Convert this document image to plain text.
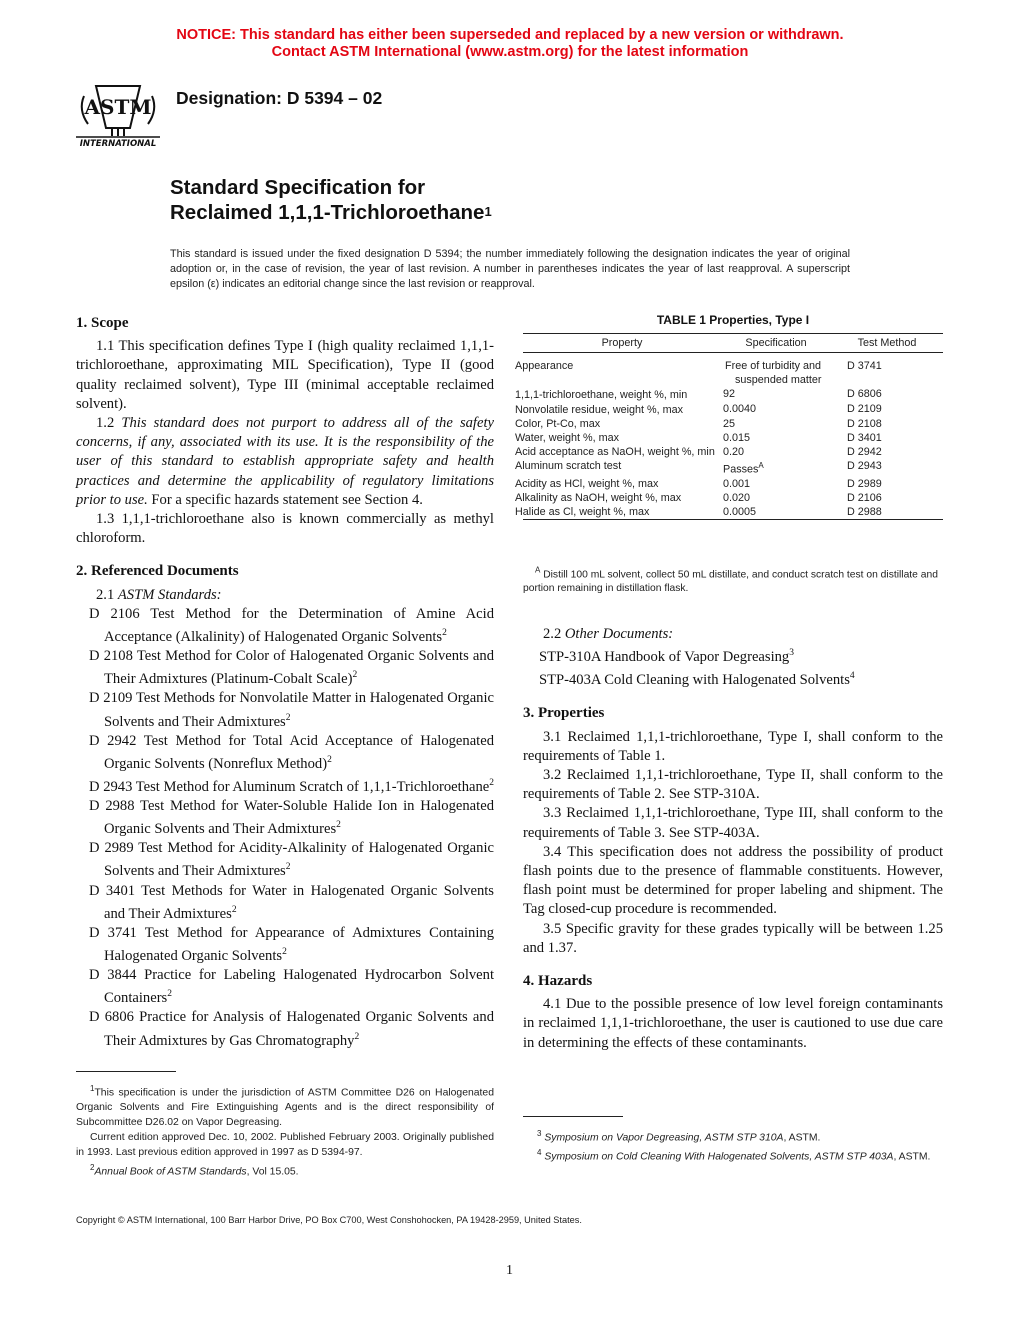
NOTICE: This standard has either been superseded and replaced by a new version or withdrawn.
Contact ASTM International (www.astm.org) for the latest information
ASTM
INTERNATIONAL
Designation: D 5394 – 02
Standard Specification for
Reclaimed 1,1,1-Trichloroethane$^1$
This standard is issued under the fixed designation D 5394; the number immediately following the designation indicates the year of original adoption or, in the case of revision, the year of last revision. A number in parentheses indicates the year of last reapproval. A superscript epsilon (ε) indicates an editorial change since the last revision or reapproval.

1. Scope

1.1 This specification defines Type I (high quality reclaimed 1,1,1-trichloroethane, approximating MIL Specification), Type II (good quality reclaimed solvent), Type III (minimal acceptable reclaimed solvent).

1.2 This standard does not purport to address all of the safety concerns, if any, associated with its use. It is the responsibility of the user of this standard to establish appropriate safety and health practices and determine the applicability of regulatory limitations prior to use. For a specific hazards statement see Section 4.

1.3 1,1,1-trichloroethane also is known commercially as methyl chloroform.

2. Referenced Documents

2.1 ASTM Standards:

D 2106 Test Method for the Determination of Amine Acid Acceptance (Alkalinity) of Halogenated Organic Solvents$^2$

D 2108 Test Method for Color of Halogenated Organic Solvents and Their Admixtures (Platinum-Cobalt Scale)$^2$

D 2109 Test Methods for Nonvolatile Matter in Halogenated Organic Solvents and Their Admixtures$^2$

D 2942 Test Method for Total Acid Acceptance of Halogenated Organic Solvents (Nonreflux Method)$^2$

D 2943 Test Method for Aluminum Scratch of 1,1,1-Trichloroethane$^2$

D 2988 Test Method for Water-Soluble Halide Ion in Halogenated Organic Solvents and Their Admixtures$^2$

D 2989 Test Method for Acidity-Alkalinity of Halogenated Organic Solvents and Their Admixtures$^2$

D 3401 Test Methods for Water in Halogenated Organic Solvents and Their Admixtures$^2$

D 3741 Test Method for Appearance of Admixtures Containing Halogenated Organic Solvents$^2$

D 3844 Practice for Labeling Halogenated Hydrocarbon Solvent Containers$^2$

D 6806 Practice for Analysis of Halogenated Organic Solvents and Their Admixtures by Gas Chromatography$^2$

$^1$This specification is under the jurisdiction of ASTM Committee D26 on Halogenated Organic Solvents and Fire Extinguishing Agents and is the direct responsibility of Subcommittee D26.02 on Vapor Degreasing.

Current edition approved Dec. 10, 2002. Published February 2003. Originally published in 1993. Last previous edition approved in 1997 as D 5394-97.

$^2$Annual Book of ASTM Standards, Vol 15.05.

TABLE 1 Properties, Type I
Property	Specification	Test Method
Appearance	Free of turbidity and suspended matter	D 3741
1,1,1-trichloroethane, weight %, min	92	D 6806
Nonvolatile residue, weight %, max	0.0040	D 2109
Color, Pt-Co, max	25	D 2108
Water, weight %, max	0.015	D 3401
Acid acceptance as NaOH, weight %, min	0.20	D 2942
Aluminum scratch test	Passes$^A$	D 2943
Acidity as HCl, weight %, max	0.001	D 2989
Alkalinity as NaOH, weight %, max	0.020	D 2106
Halide as Cl, weight %, max	0.0005	D 2988
$^A$ Distill 100 mL solvent, collect 50 mL distillate, and conduct scratch test on distillate and portion remaining in distillation flask.

2.2 Other Documents:

STP-310A Handbook of Vapor Degreasing$^3$

STP-403A Cold Cleaning with Halogenated Solvents$^4$

3. Properties

3.1 Reclaimed 1,1,1-trichloroethane, Type I, shall conform to the requirements of Table 1.

3.2 Reclaimed 1,1,1-trichloroethane, Type II, shall conform to the requirements of Table 2. See STP-310A.

3.3 Reclaimed 1,1,1-trichloroethane, Type III, shall conform to the requirements of Table 3. See STP-403A.

3.4 This specification does not address the possibility of product flash points due to the presence of flammable constituents. However, flash point must be determined for proper labeling and shipment. The Tag closed-cup procedure is recommended.

3.5 Specific gravity for these grades typically will be between 1.25 and 1.37.

4. Hazards

4.1 Due to the possible presence of low level foreign contaminants in reclaimed 1,1,1-trichloroethane, the user is cautioned to use due care in determining the effects of these contaminants.

$^3$ Symposium on Vapor Degreasing, ASTM STP 310A, ASTM.

$^4$ Symposium on Cold Cleaning With Halogenated Solvents, ASTM STP 403A, ASTM.

Copyright © ASTM International, 100 Barr Harbor Drive, PO Box C700, West Conshohocken, PA 19428-2959, United States.
1
